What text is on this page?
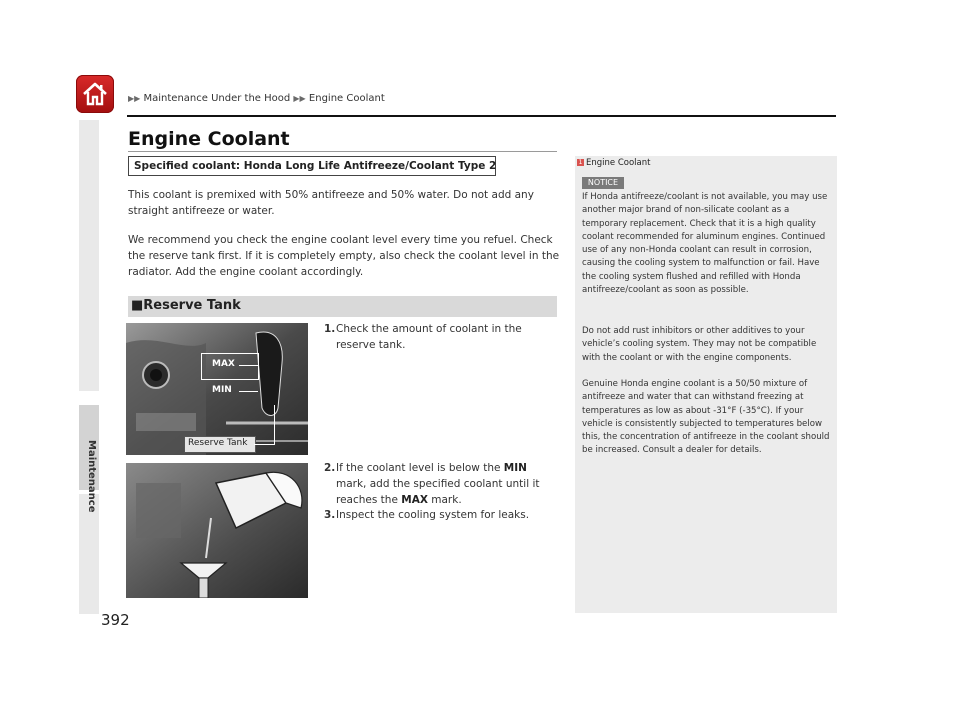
▶▶ Maintenance Under the Hood ▶▶ Engine Coolant
Maintenance
392
Engine Coolant
Specified coolant: Honda Long Life Antifreeze/Coolant Type 2
This coolant is premixed with 50% antifreeze and 50% water. Do not add any straight antifreeze or water.
We recommend you check the engine coolant level every time you refuel. Check the reserve tank first. If it is completely empty, also check the coolant level in the radiator. Add the engine coolant accordingly.
■Reserve Tank
MAX
MIN
Reserve Tank
1. Check the amount of coolant in the reserve tank.
2. If the coolant level is below the MIN mark, add the specified coolant until it reaches the MAX mark.
3. Inspect the cooling system for leaks.
1 Engine Coolant
NOTICE
If Honda antifreeze/coolant is not available, you may use another major brand of non-silicate coolant as a temporary replacement. Check that it is a high quality coolant recommended for aluminum engines. Continued use of any non-Honda coolant can result in corrosion, causing the cooling system to malfunction or fail. Have the cooling system flushed and refilled with Honda antifreeze/coolant as soon as possible.
Do not add rust inhibitors or other additives to your vehicle’s cooling system. They may not be compatible with the coolant or with the engine components.
Genuine Honda engine coolant is a 50/50 mixture of antifreeze and water that can withstand freezing at temperatures as low as about -31°F (-35°C). If your vehicle is consistently subjected to temperatures below this, the concentration of antifreeze in the coolant should be increased. Consult a dealer for details.
